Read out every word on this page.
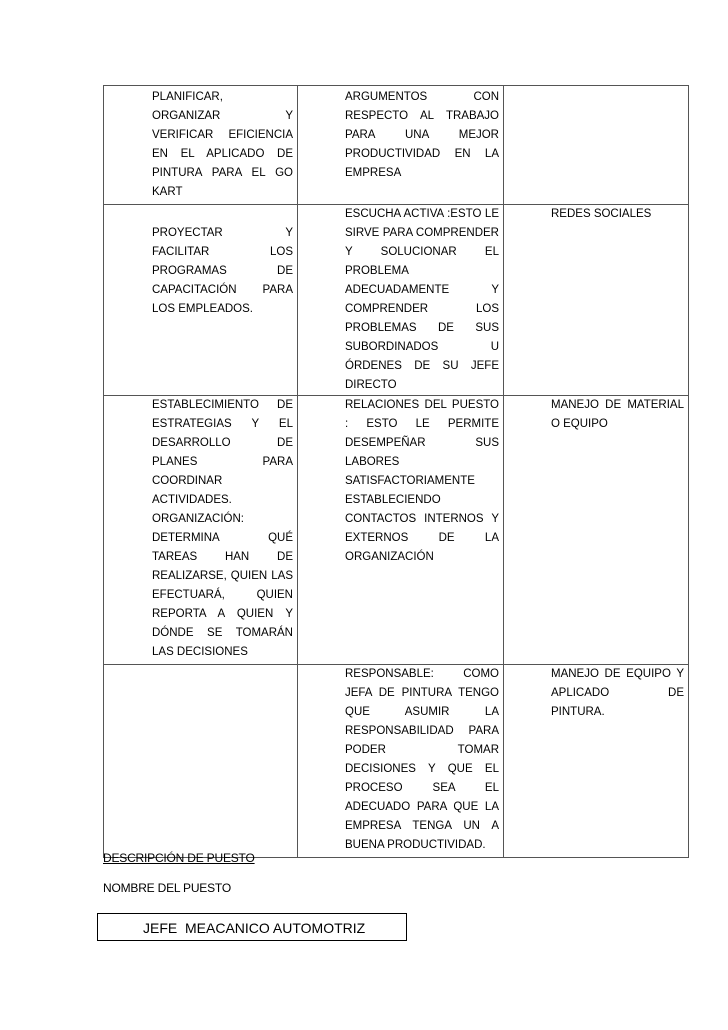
PLANIFICAR, ORGANIZAR Y VERIFICAR EFICIENCIA EN EL APLICADO DE PINTURA PARA EL GO KART	ARGUMENTOS CON RESPECTO AL TRABAJO PARA UNA MEJOR PRODUCTIVIDAD EN LA EMPRESA	

PROYECTAR Y FACILITAR LOS PROGRAMAS DE CAPACITACIÓN PARA LOS EMPLEADOS.	ESCUCHA ACTIVA :ESTO LE SIRVE PARA COMPRENDER Y SOLUCIONAR EL PROBLEMA ADECUADAMENTE Y COMPRENDER LOS PROBLEMAS DE SUS SUBORDINADOS U ÓRDENES DE SU JEFE DIRECTO	REDES SOCIALES

ESTABLECIMIENTO DE ESTRATEGIAS Y EL DESARROLLO DE PLANES PARA COORDINAR ACTIVIDADES. ORGANIZACIÓN: DETERMINA QUÉ TAREAS HAN DE REALIZARSE, QUIEN LAS EFECTUARÁ, QUIEN REPORTA A QUIEN Y DÓNDE SE TOMARÁN LAS DECISIONES	RELACIONES DEL PUESTO : ESTO LE PERMITE DESEMPEÑAR SUS LABORES SATISFACTORIAMENTE ESTABLECIENDO CONTACTOS INTERNOS Y EXTERNOS DE LA ORGANIZACIÓN	MANEJO DE MATERIAL O EQUIPO

	RESPONSABLE: COMO JEFA DE PINTURA TENGO QUE ASUMIR LA RESPONSABILIDAD PARA PODER TOMAR DECISIONES Y QUE EL PROCESO SEA EL ADECUADO PARA QUE LA EMPRESA TENGA UN A BUENA PRODUCTIVIDAD.	MANEJO DE EQUIPO Y APLICADO DE PINTURA.
DESCRIPCIÓN DE PUESTO
NOMBRE DEL PUESTO
JEFE  MEACANICO AUTOMOTRIZ
